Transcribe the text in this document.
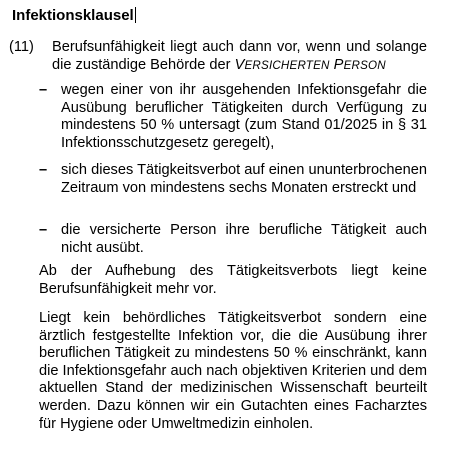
Infektionsklausel
(11) Berufsunfähigkeit liegt auch dann vor, wenn und solange die zuständige Behörde der VERSICHERTEN PERSON
– wegen einer von ihr ausgehenden Infektionsgefahr die Ausübung beruflicher Tätigkeiten durch Verfügung zu mindestens 50 % untersagt (zum Stand 01/2025 in § 31 Infektionsschutzgesetz geregelt),
– sich dieses Tätigkeitsverbot auf einen ununterbrochenen Zeitraum von mindestens sechs Monaten erstreckt und
– die versicherte Person ihre berufliche Tätigkeit auch nicht ausübt.
Ab der Aufhebung des Tätigkeitsverbots liegt keine Berufsunfähigkeit mehr vor.
Liegt kein behördliches Tätigkeitsverbot sondern eine ärztlich festgestellte Infektion vor, die die Ausübung ihrer beruflichen Tätigkeit zu mindestens 50 % einschränkt, kann die Infektionsgefahr auch nach objektiven Kriterien und dem aktuellen Stand der medizinischen Wissenschaft beurteilt werden. Dazu können wir ein Gutachten eines Facharztes für Hygiene oder Umweltmedizin einholen.
